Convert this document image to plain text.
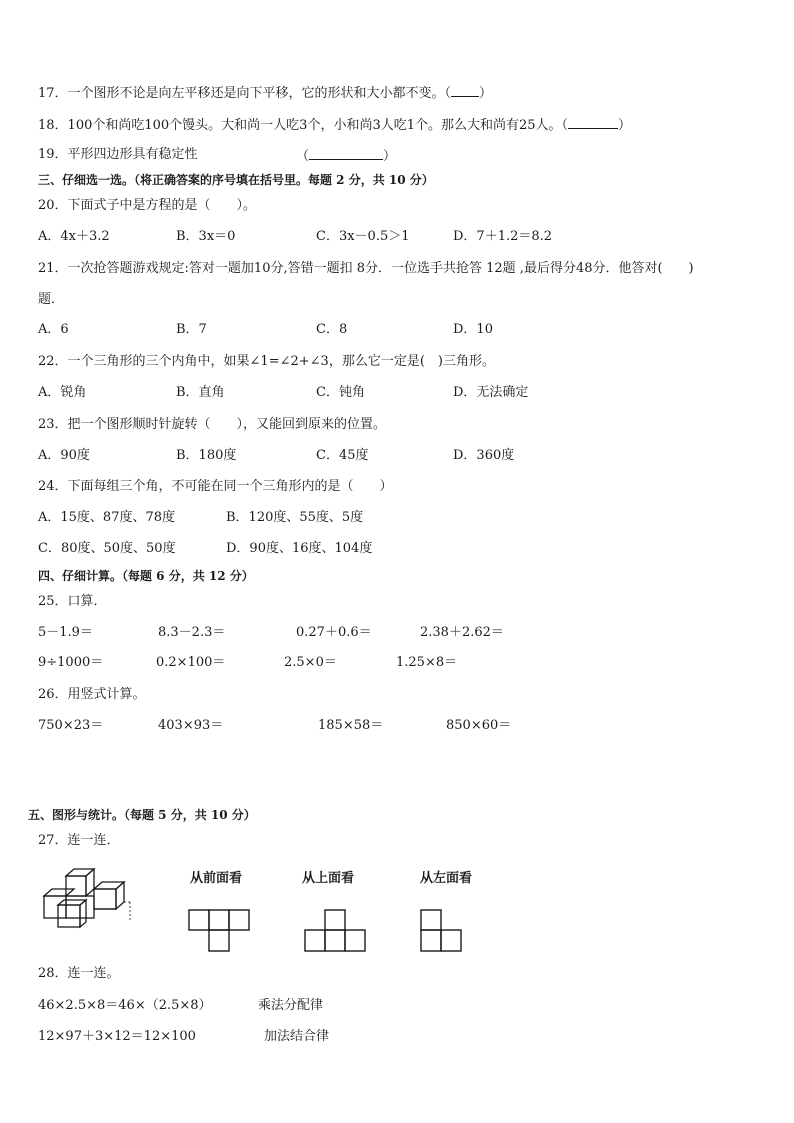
17．一个图形不论是向左平移还是向下平移，它的形状和大小都不变。（ ）
18．100个和尚吃100个馒头。大和尚一人吃3个，小和尚3人吃1个。那么大和尚有25人。（	）
19．平形四边形具有稳定性	（	）
三、仔细选一选。（将正确答案的序号填在括号里。每题 2 分，共 10 分）
20．下面式子中是方程的是（　　）。
A．4x＋3.2	B．3x＝0	C．3x－0.5＞1	D．7＋1.2＝8.2
21．一次抢答题游戏规定:答对一题加10分,答错一题扣 8分．一位选手共抢答 12题 ,最后得分48分．他答对(　　)
题．
A．6	B．7	C．8	D．10
22．一个三角形的三个内角中，如果∠1=∠2+∠3，那么它一定是(　)三角形。
A．锐角	B．直角	C．钝角	D．无法确定
23．把一个图形顺时针旋转（　　），又能回到原来的位置。
A．90度	B．180度	C．45度	D．360度
24．下面每组三个角，不可能在同一个三角形内的是（　　）
A．15度、87度、78度	B．120度、55度、5度
C．80度、50度、50度	D．90度、16度、104度
四、仔细计算。（每题 6 分，共 12 分）
25．口算．
5－1.9＝	8.3－2.3＝	0.27＋0.6＝	2.38＋2.62＝
9÷1000＝	0.2×100＝	2.5×0＝	1.25×8＝
26．用竖式计算。
750×23＝	403×93＝	185×58＝	850×60＝
五、图形与统计。（每题 5 分，共 10 分）
27．连一连．
从前面看	从上面看	从左面看
28．连一连。
46×2.5×8＝46×（2.5×8）	乘法分配律
12×97＋3×12＝12×100	加法结合律
